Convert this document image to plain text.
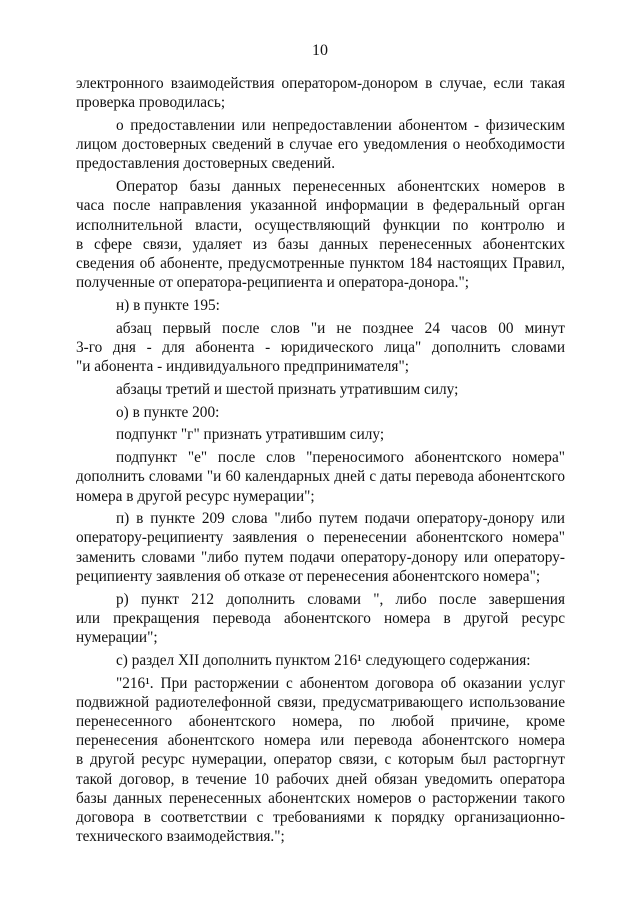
10
электронного взаимодействия оператором-донором в случае, если такая
проверка проводилась;
о предоставлении или непредоставлении абонентом - физическим
лицом достоверных сведений в случае его уведомления о необходимости
предоставления достоверных сведений.
Оператор базы данных перенесенных абонентских номеров в
часа после направления указанной информации в федеральный орган
исполнительной власти, осуществляющий функции по контролю и
в сфере связи, удаляет из базы данных перенесенных абонентских
сведения об абоненте, предусмотренные пунктом 184 настоящих Правил,
полученные от оператора-реципиента и оператора-донора.";
н) в пункте 195:
абзац первый после слов "и не позднее 24 часов 00 минут
3-го дня - для абонента - юридического лица" дополнить словами
"и абонента - индивидуального предпринимателя";
абзацы третий и шестой признать утратившим силу;
о) в пункте 200:
подпункт "г" признать утратившим силу;
подпункт "е" после слов "переносимого абонентского номера"
дополнить словами "и 60 календарных дней с даты перевода абонентского
номера в другой ресурс нумерации";
п) в пункте 209 слова "либо путем подачи оператору-донору или
оператору-реципиенту заявления о перенесении абонентского номера"
заменить словами "либо путем подачи оператору-донору или оператору-
реципиенту заявления об отказе от перенесения абонентского номера";
р) пункт 212 дополнить словами ", либо после завершения
или прекращения перевода абонентского номера в другой ресурс
нумерации";
с) раздел XII дополнить пунктом 216¹ следующего содержания:
"216¹. При расторжении с абонентом договора об оказании услуг
подвижной радиотелефонной связи, предусматривающего использование
перенесенного абонентского номера, по любой причине, кроме
перенесения абонентского номера или перевода абонентского номера
в другой ресурс нумерации, оператор связи, с которым был расторгнут
такой договор, в течение 10 рабочих дней обязан уведомить оператора
базы данных перенесенных абонентских номеров о расторжении такого
договора в соответствии с требованиями к порядку организационно-
технического взаимодействия.";
